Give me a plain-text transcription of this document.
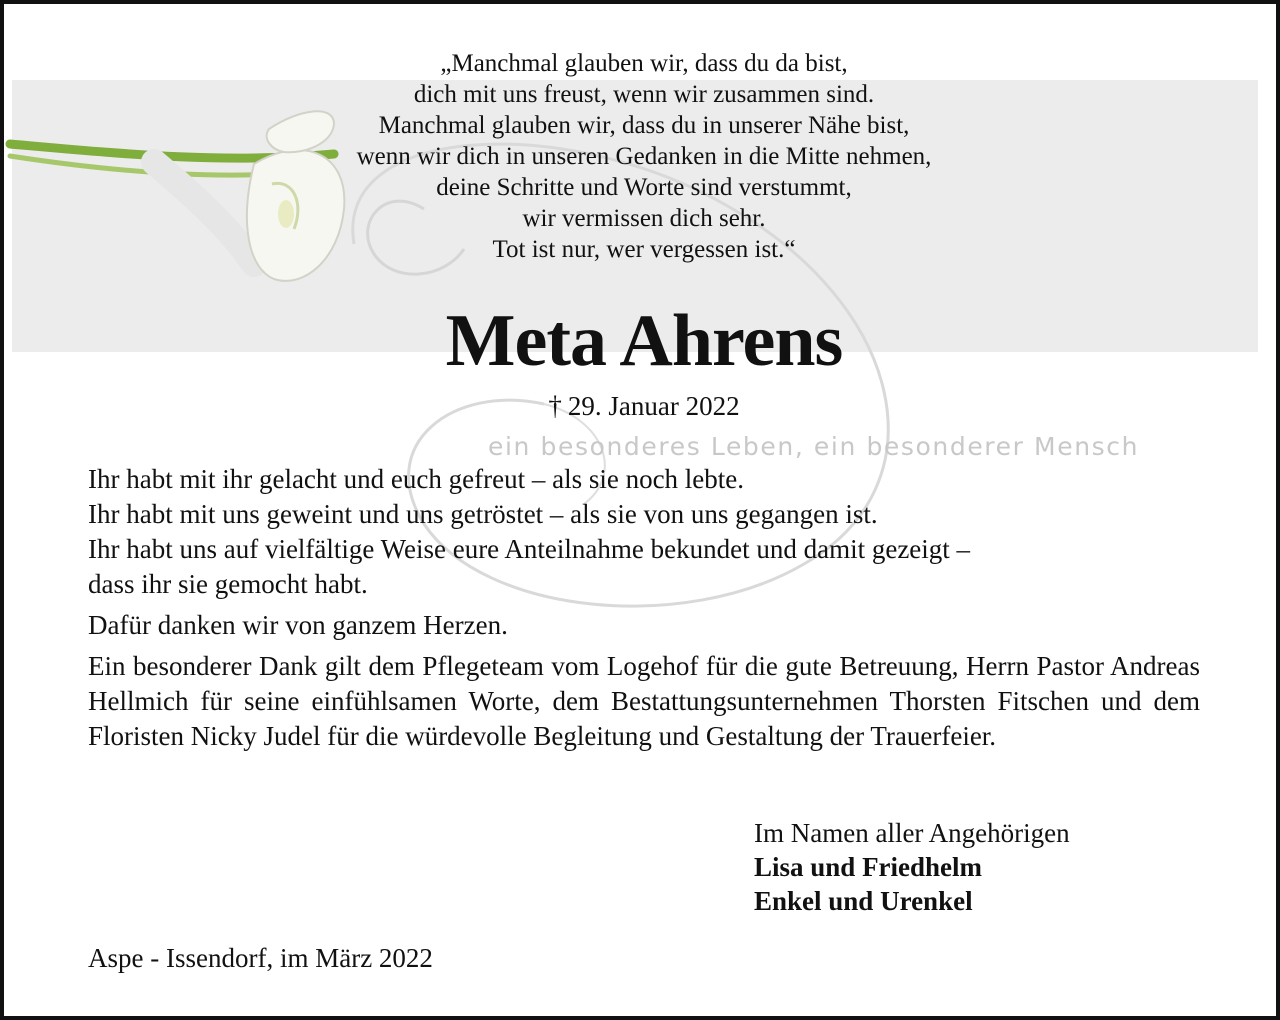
„Manchmal glauben wir, dass du da bist,
dich mit uns freust, wenn wir zusammen sind.
Manchmal glauben wir, dass du in unserer Nähe bist,
wenn wir dich in unseren Gedanken in die Mitte nehmen,
deine Schritte und Worte sind verstummt,
wir vermissen dich sehr.
Tot ist nur, wer vergessen ist.“
Meta Ahrens
† 29. Januar 2022
ein besonderes Leben, ein besonderer Mensch

Ihr habt mit ihr gelacht und euch gefreut – als sie noch lebte.
Ihr habt mit uns geweint und uns getröstet – als sie von uns gegangen ist.
Ihr habt uns auf vielfältige Weise eure Anteilnahme bekundet und damit gezeigt –
dass ihr sie gemocht habt.

Dafür danken wir von ganzem Herzen.

Ein besonderer Dank gilt dem Pflegeteam vom Logehof für die gute Betreuung, Herrn Pastor Andreas Hellmich für seine einfühlsamen Worte, dem Bestattungsunternehmen Thorsten Fitschen und dem Floristen Nicky Judel für die würdevolle Begleitung und Gestaltung der Trauerfeier.

Im Namen aller Angehörigen
Lisa und Friedhelm
Enkel und Urenkel
Aspe - Issendorf, im März 2022
